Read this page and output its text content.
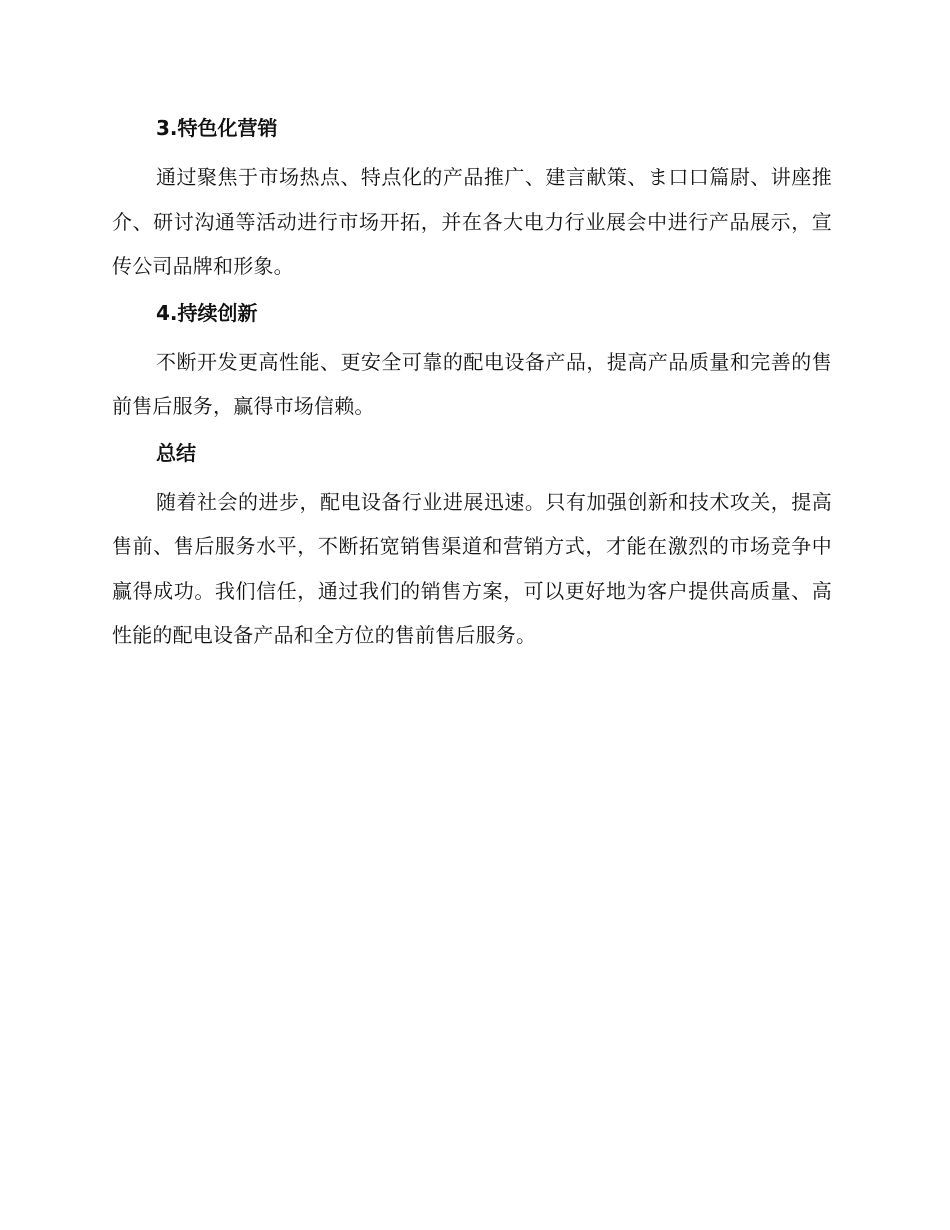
3.特色化营销

通过聚焦于市场热点、特点化的产品推广、建言献策、ま口口篇尉、讲座推介、研讨沟通等活动进行市场开拓，并在各大电力行业展会中进行产品展示，宣传公司品牌和形象。

4.持续创新

不断开发更高性能、更安全可靠的配电设备产品，提高产品质量和完善的售前售后服务，赢得市场信赖。

总结

随着社会的进步，配电设备行业进展迅速。只有加强创新和技术攻关，提高售前、售后服务水平，不断拓宽销售渠道和营销方式，才能在激烈的市场竞争中赢得成功。我们信任，通过我们的销售方案，可以更好地为客户提供高质量、高性能的配电设备产品和全方位的售前售后服务。
